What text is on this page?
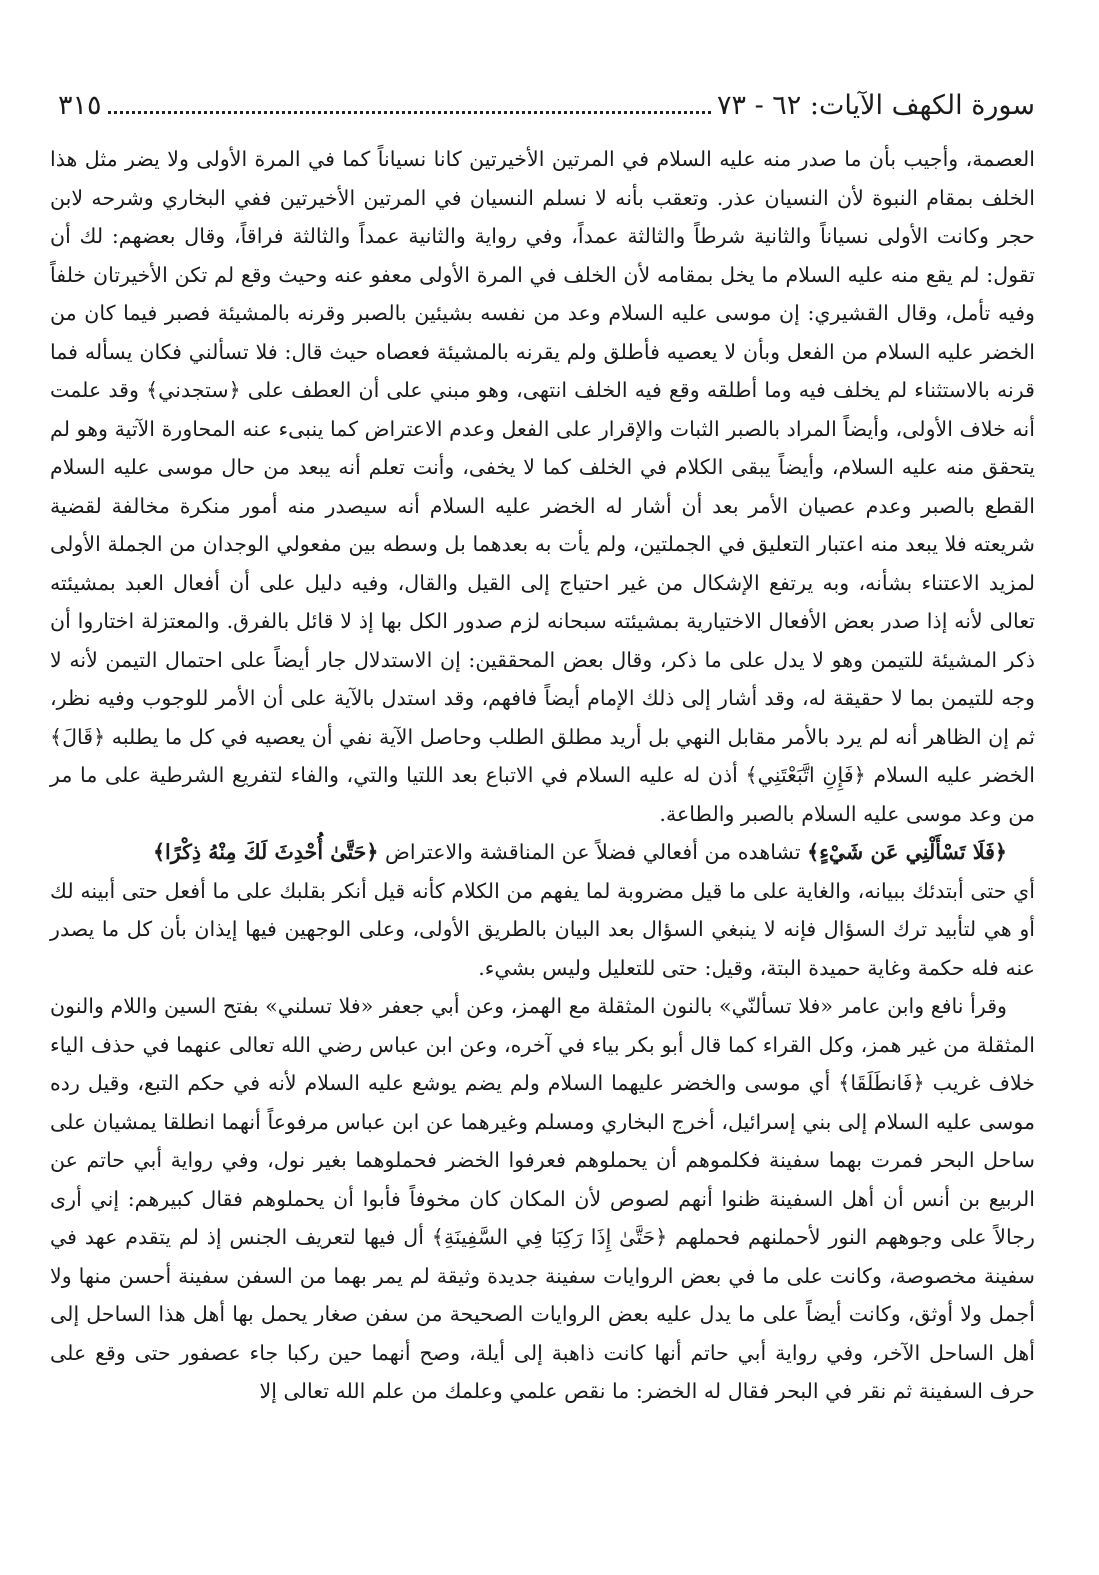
سورة الكهف الآيات: ٦٢ - ٧٣
٣١٥

العصمة، وأجيب بأن ما صدر منه عليه السلام في المرتين الأخيرتين كانا نسياناً كما في المرة الأولى ولا يضر مثل هذا الخلف بمقام النبوة لأن النسيان عذر. وتعقب بأنه لا نسلم النسيان في المرتين الأخيرتين ففي البخاري وشرحه لابن حجر وكانت الأولى نسياناً والثانية شرطاً والثالثة عمداً، وفي رواية والثانية عمداً والثالثة فراقاً، وقال بعضهم: لك أن تقول: لم يقع منه عليه السلام ما يخل بمقامه لأن الخلف في المرة الأولى معفو عنه وحيث وقع لم تكن الأخيرتان خلفاً وفيه تأمل، وقال القشيري: إن موسى عليه السلام وعد من نفسه بشيئين بالصبر وقرنه بالمشيئة فصبر فيما كان من الخضر عليه السلام من الفعل وبأن لا يعصيه فأطلق ولم يقرنه بالمشيئة فعصاه حيث قال: فلا تسألني فكان يسأله فما قرنه بالاستثناء لم يخلف فيه وما أطلقه وقع فيه الخلف انتهى، وهو مبني على أن العطف على ﴿ستجدني﴾ وقد علمت أنه خلاف الأولى، وأيضاً المراد بالصبر الثبات والإقرار على الفعل وعدم الاعتراض كما ينبىء عنه المحاورة الآتية وهو لم يتحقق منه عليه السلام، وأيضاً يبقى الكلام في الخلف كما لا يخفى، وأنت تعلم أنه يبعد من حال موسى عليه السلام القطع بالصبر وعدم عصيان الأمر بعد أن أشار له الخضر عليه السلام أنه سيصدر منه أمور منكرة مخالفة لقضية شريعته فلا يبعد منه اعتبار التعليق في الجملتين، ولم يأت به بعدهما بل وسطه بين مفعولي الوجدان من الجملة الأولى لمزيد الاعتناء بشأنه، وبه يرتفع الإشكال من غير احتياج إلى القيل والقال، وفيه دليل على أن أفعال العبد بمشيئته تعالى لأنه إذا صدر بعض الأفعال الاختيارية بمشيئته سبحانه لزم صدور الكل بها إذ لا قائل بالفرق. والمعتزلة اختاروا أن ذكر المشيئة للتيمن وهو لا يدل على ما ذكر، وقال بعض المحققين: إن الاستدلال جار أيضاً على احتمال التيمن لأنه لا وجه للتيمن بما لا حقيقة له، وقد أشار إلى ذلك الإمام أيضاً فافهم، وقد استدل بالآية على أن الأمر للوجوب وفيه نظر، ثم إن الظاهر أنه لم يرد بالأمر مقابل النهي بل أريد مطلق الطلب وحاصل الآية نفي أن يعصيه في كل ما يطلبه ﴿قَالَ﴾ الخضر عليه السلام ﴿فَإِنِ اتَّبَعْتَنِي﴾ أذن له عليه السلام في الاتباع بعد اللتيا والتي، والفاء لتفريع الشرطية على ما مر من وعد موسى عليه السلام بالصبر والطاعة.

﴿فَلَا تَسْأَلْنِي عَن شَيْءٍ﴾ تشاهده من أفعالي فضلاً عن المناقشة والاعتراض ﴿حَتَّىٰ أُحْدِثَ لَكَ مِنْهُ ذِكْرًا﴾

أي حتى أبتدئك ببيانه، والغاية على ما قيل مضروبة لما يفهم من الكلام كأنه قيل أنكر بقلبك على ما أفعل حتى أبينه لك أو هي لتأبيد ترك السؤال فإنه لا ينبغي السؤال بعد البيان بالطريق الأولى، وعلى الوجهين فيها إيذان بأن كل ما يصدر عنه فله حكمة وغاية حميدة البتة، وقيل: حتى للتعليل وليس بشيء.

وقرأ نافع وابن عامر «فلا تسألنّي» بالنون المثقلة مع الهمز، وعن أبي جعفر «فلا تسلني» بفتح السين واللام والنون المثقلة من غير همز، وكل القراء كما قال أبو بكر بياء في آخره، وعن ابن عباس رضي الله تعالى عنهما في حذف الياء خلاف غريب ﴿فَانطَلَقَا﴾ أي موسى والخضر عليهما السلام ولم يضم يوشع عليه السلام لأنه في حكم التبع، وقيل رده موسى عليه السلام إلى بني إسرائيل، أخرج البخاري ومسلم وغيرهما عن ابن عباس مرفوعاً أنهما انطلقا يمشيان على ساحل البحر فمرت بهما سفينة فكلموهم أن يحملوهم فعرفوا الخضر فحملوهما بغير نول، وفي رواية أبي حاتم عن الربيع بن أنس أن أهل السفينة ظنوا أنهم لصوص لأن المكان كان مخوفاً فأبوا أن يحملوهم فقال كبيرهم: إني أرى رجالاً على وجوههم النور لأحملنهم فحملهم ﴿حَتَّىٰ إِذَا رَكِبَا فِي السَّفِينَةِ﴾ أل فيها لتعريف الجنس إذ لم يتقدم عهد في سفينة مخصوصة، وكانت على ما في بعض الروايات سفينة جديدة وثيقة لم يمر بهما من السفن سفينة أحسن منها ولا أجمل ولا أوثق، وكانت أيضاً على ما يدل عليه بعض الروايات الصحيحة من سفن صغار يحمل بها أهل هذا الساحل إلى أهل الساحل الآخر، وفي رواية أبي حاتم أنها كانت ذاهبة إلى أيلة، وصح أنهما حين ركبا جاء عصفور حتى وقع على حرف السفينة ثم نقر في البحر فقال له الخضر: ما نقص علمي وعلمك من علم الله تعالى إلا
